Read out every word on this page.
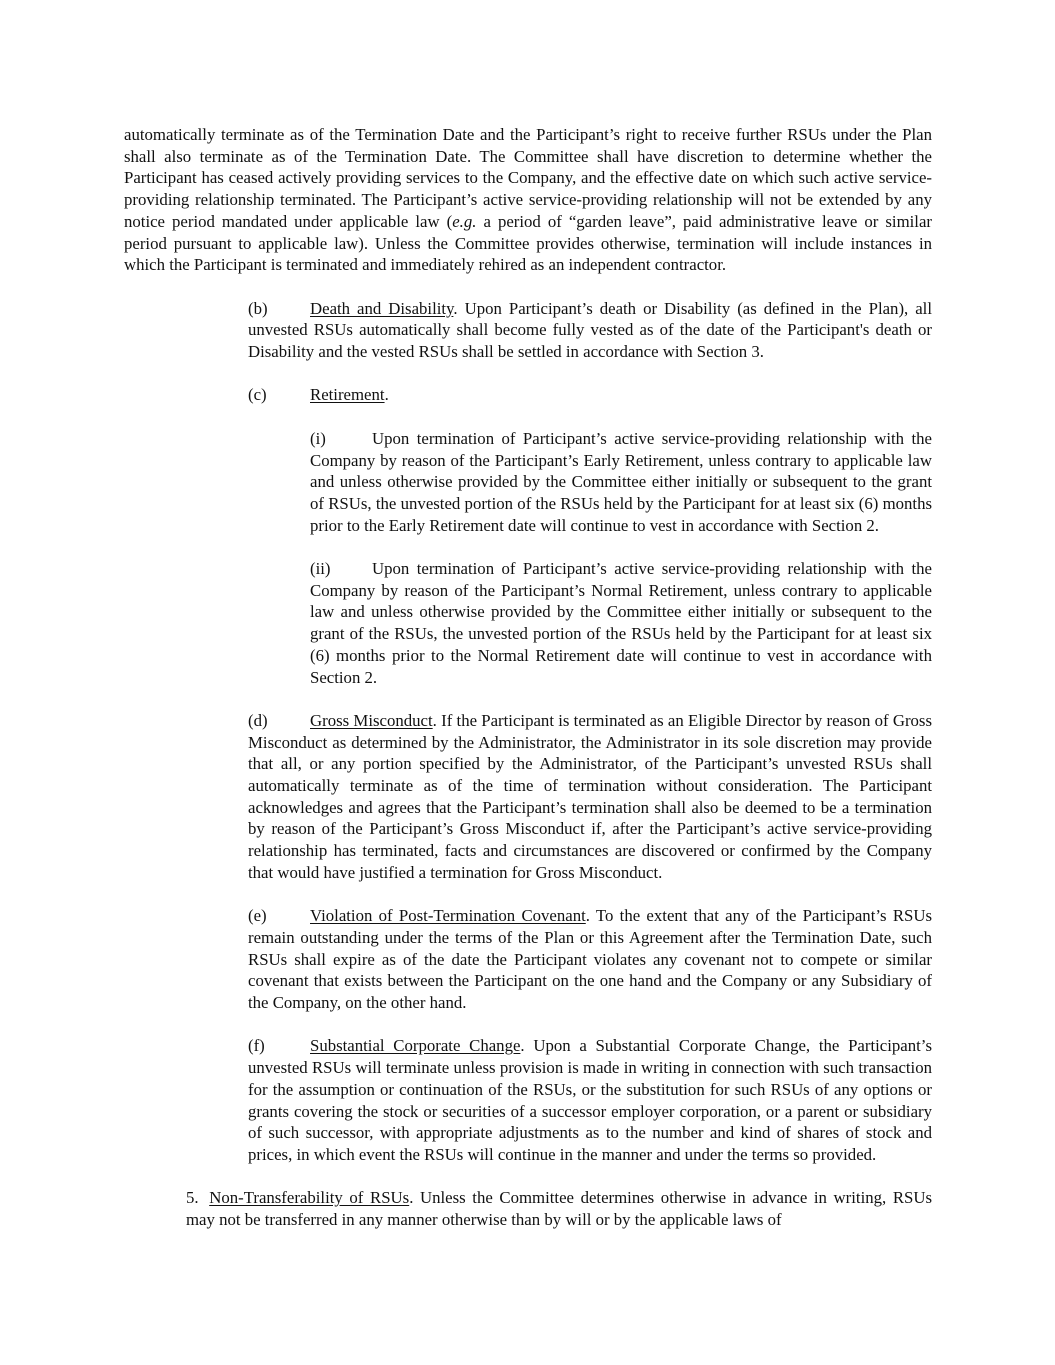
automatically terminate as of the Termination Date and the Participant’s right to receive further RSUs under the Plan shall also terminate as of the Termination Date. The Committee shall have discretion to determine whether the Participant has ceased actively providing services to the Company, and the effective date on which such active service-providing relationship terminated. The Participant’s active service-providing relationship will not be extended by any notice period mandated under applicable law (e.g. a period of “garden leave”, paid administrative leave or similar period pursuant to applicable law). Unless the Committee provides otherwise, termination will include instances in which the Participant is terminated and immediately rehired as an independent contractor.

(b)	Death and Disability. Upon Participant’s death or Disability (as defined in the Plan), all unvested RSUs automatically shall become fully vested as of the date of the Participant's death or Disability and the vested RSUs shall be settled in accordance with Section 3.

(c)	Retirement.

(i)	Upon termination of Participant’s active service-providing relationship with the Company by reason of the Participant’s Early Retirement, unless contrary to applicable law and unless otherwise provided by the Committee either initially or subsequent to the grant of RSUs, the unvested portion of the RSUs held by the Participant for at least six (6) months prior to the Early Retirement date will continue to vest in accordance with Section 2.

(ii) Upon termination of Participant’s active service-providing relationship with the Company by reason of the Participant’s Normal Retirement, unless contrary to applicable law and unless otherwise provided by the Committee either initially or subsequent to the grant of the RSUs, the unvested portion of the RSUs held by the Participant for at least six (6) months prior to the Normal Retirement date will continue to vest in accordance with Section 2.

(d)	Gross Misconduct. If the Participant is terminated as an Eligible Director by reason of Gross Misconduct as determined by the Administrator, the Administrator in its sole discretion may provide that all, or any portion specified by the Administrator, of the Participant’s unvested RSUs shall automatically terminate as of the time of termination without consideration. The Participant acknowledges and agrees that the Participant’s termination shall also be deemed to be a termination by reason of the Participant’s Gross Misconduct if, after the Participant’s active service-providing relationship has terminated, facts and circumstances are discovered or confirmed by the Company that would have justified a termination for Gross Misconduct.

(e)	Violation of Post-Termination Covenant. To the extent that any of the Participant’s RSUs remain outstanding under the terms of the Plan or this Agreement after the Termination Date, such RSUs shall expire as of the date the Participant violates any covenant not to compete or similar covenant that exists between the Participant on the one hand and the Company or any Subsidiary of the Company, on the other hand.

(f)	Substantial Corporate Change. Upon a Substantial Corporate Change, the Participant’s unvested RSUs will terminate unless provision is made in writing in connection with such transaction for the assumption or continuation of the RSUs, or the substitution for such RSUs of any options or grants covering the stock or securities of a successor employer corporation, or a parent or subsidiary of such successor, with appropriate adjustments as to the number and kind of shares of stock and prices, in which event the RSUs will continue in the manner and under the terms so provided.

5. Non-Transferability of RSUs. Unless the Committee determines otherwise in advance in writing, RSUs may not be transferred in any manner otherwise than by will or by the applicable laws of
